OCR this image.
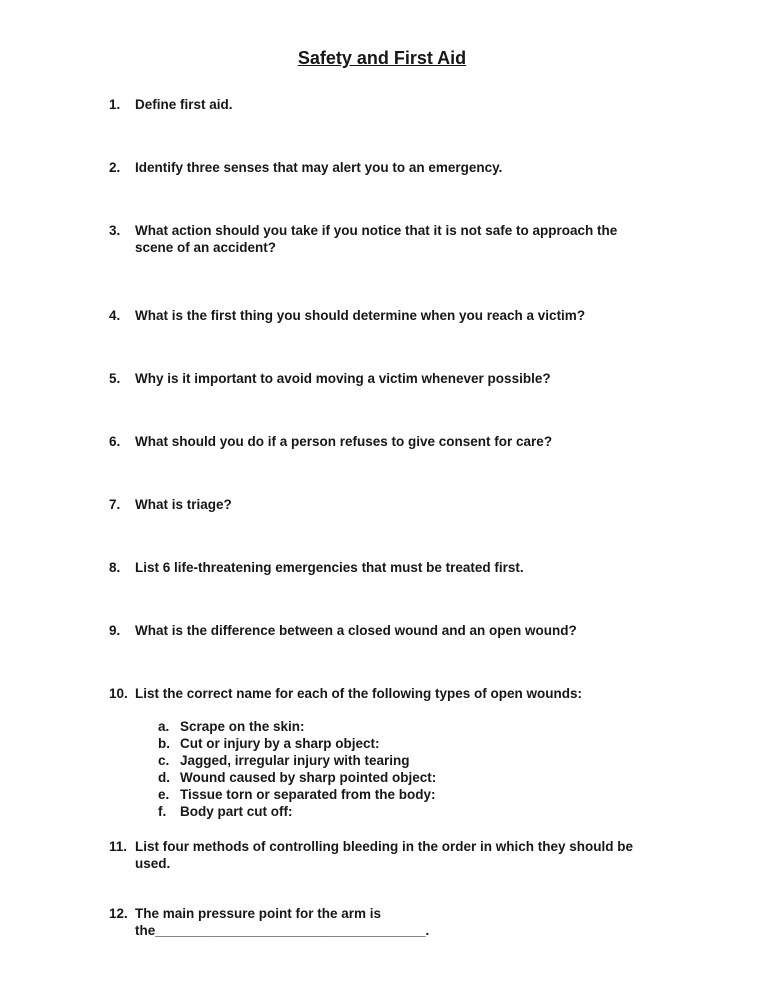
Safety and First Aid
1.	Define first aid.
2.	Identify three senses that may alert you to an emergency.
3.	What action should you take if you notice that it is not safe to approach the scene of an accident?
4.	What is the first thing you should determine when you reach a victim?
5.	Why is it important to avoid moving a victim whenever possible?
6.	What should you do if a person refuses to give consent for care?
7.	What is triage?
8.	List 6 life-threatening emergencies that must be treated first.
9.	What is the difference between a closed wound and an open wound?
10. List the correct name for each of the following types of open wounds:
a. Scrape on the skin:
b. Cut or injury by a sharp object:
c. Jagged, irregular injury with tearing
d. Wound caused by sharp pointed object:
e. Tissue torn or separated from the body:
f.	Body part cut off:
11. List four methods of controlling bleeding in the order in which they should be used.
12. The main pressure point for the arm is the____________________________________.
